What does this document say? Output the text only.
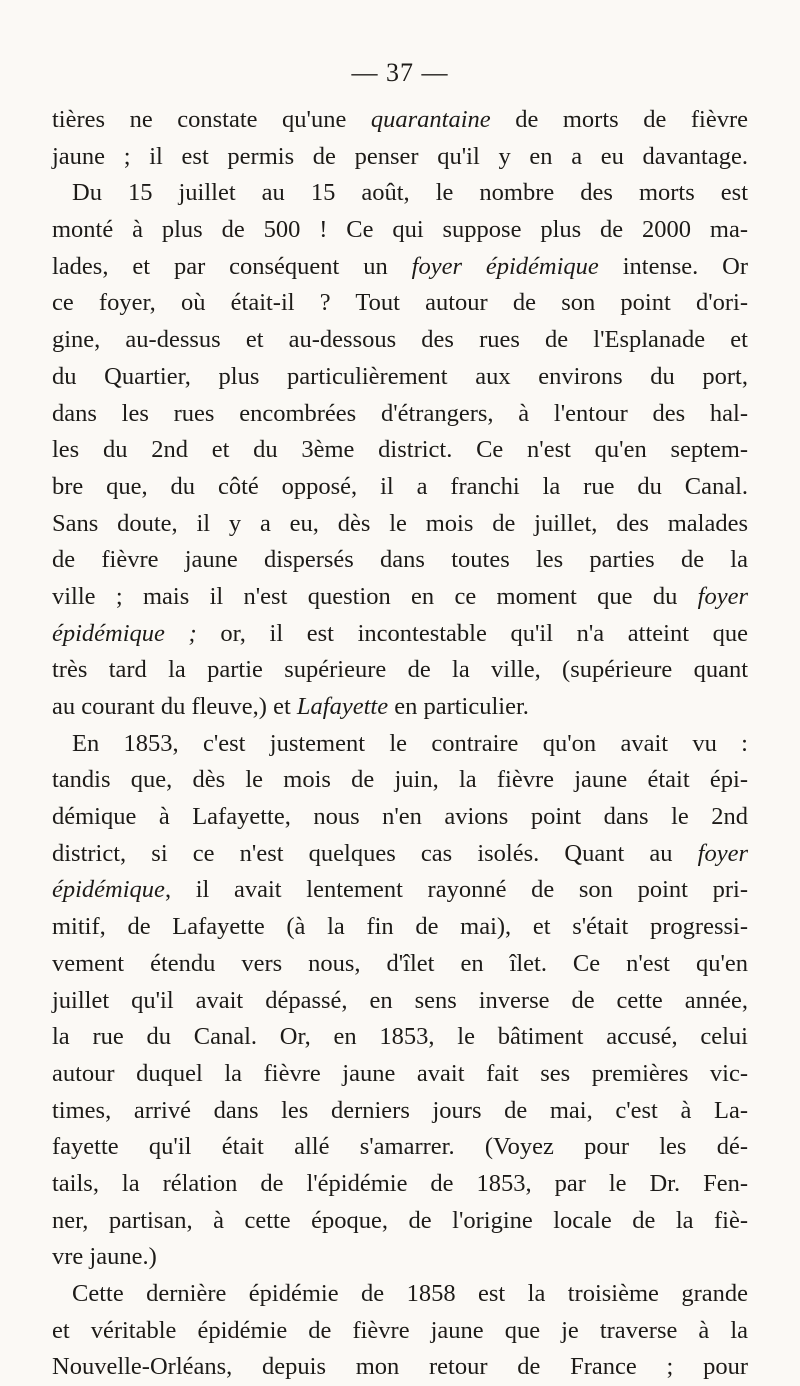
— 37 —
tières ne constate qu'une quarantaine de morts de fièvre
jaune ; il est permis de penser qu'il y en a eu davantage.
Du 15 juillet au 15 août, le nombre des morts est
monté à plus de 500 ! Ce qui suppose plus de 2000 ma-
lades, et par conséquent un foyer épidémique intense. Or
ce foyer, où était-il ? Tout autour de son point d'ori-
gine, au-dessus et au-dessous des rues de l'Esplanade et
du Quartier, plus particulièrement aux environs du port,
dans les rues encombrées d'étrangers, à l'entour des hal-
les du 2nd et du 3ème district. Ce n'est qu'en septem-
bre que, du côté opposé, il a franchi la rue du Canal.
Sans doute, il y a eu, dès le mois de juillet, des malades
de fièvre jaune dispersés dans toutes les parties de la
ville ; mais il n'est question en ce moment que du foyer
épidémique ; or, il est incontestable qu'il n'a atteint que
très tard la partie supérieure de la ville, (supérieure quant
au courant du fleuve,) et Lafayette en particulier.
En 1853, c'est justement le contraire qu'on avait vu :
tandis que, dès le mois de juin, la fièvre jaune était épi-
démique à Lafayette, nous n'en avions point dans le 2nd
district, si ce n'est quelques cas isolés. Quant au foyer
épidémique, il avait lentement rayonné de son point pri-
mitif, de Lafayette (à la fin de mai), et s'était progressi-
vement étendu vers nous, d'îlet en îlet. Ce n'est qu'en
juillet qu'il avait dépassé, en sens inverse de cette année,
la rue du Canal. Or, en 1853, le bâtiment accusé, celui
autour duquel la fièvre jaune avait fait ses premières vic-
times, arrivé dans les derniers jours de mai, c'est à La-
fayette qu'il était allé s'amarrer. (Voyez pour les dé-
tails, la rélation de l'épidémie de 1853, par le Dr. Fen-
ner, partisan, à cette époque, de l'origine locale de la fiè-
vre jaune.)
Cette dernière épidémie de 1858 est la troisième grande
et véritable épidémie de fièvre jaune que je traverse à la
Nouvelle-Orléans, depuis mon retour de France ; pour
